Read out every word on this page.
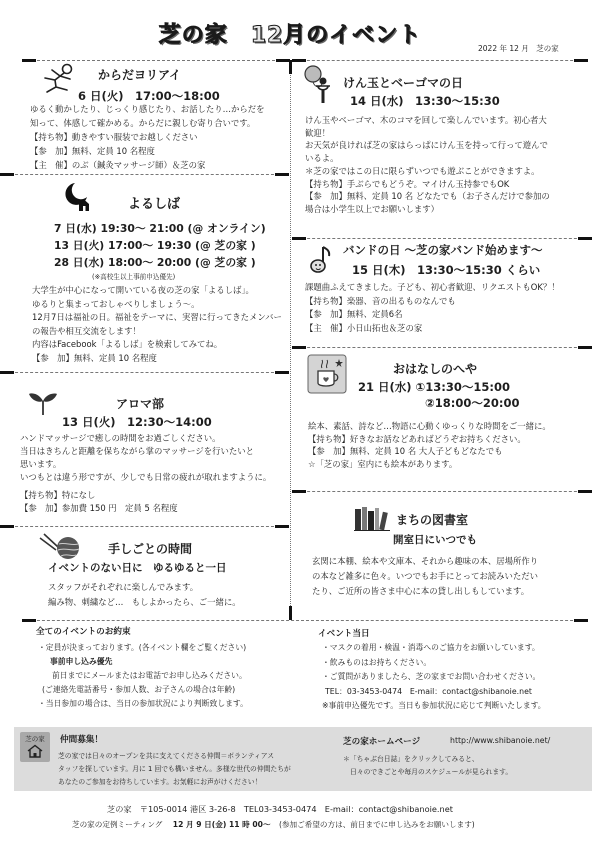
芝の家　12月のイベント
2022 年 12 月　芝の家
からだヨリアイ
6 日(火)　17:00〜18:00
ゆるく動かしたり、じっくり感じたり、お話したり…からだを
知って、体感して確かめる。からだに親しむ寄り合いです。
【持ち物】動きやすい服装でお越しください
【参　加】無料、定員 10 名程度
【主　催】のぶ（鍼灸マッサージ師）＆芝の家
よるしば
7 日(水) 19:30〜 21:00 (@ オンライン)
13 日(火) 17:00〜 19:30 (@ 芝の家 )
28 日(水) 18:00〜 20:00 (@ 芝の家 )
(※高校生以上事前申込優先)
大学生が中心になって開いている夜の芝の家「よるしば」。
ゆるりと集まっておしゃべりしましょう〜。
12月7日は福祉の日。福祉をテーマに、実習に行ってきたメンバー
の報告や相互交流をします！
内容はFacebook「よるしば」を検索してみてね。
【参　加】無料、定員 10 名程度
アロマ部
13 日(火)　12:30〜14:00
ハンドマッサージで癒しの時間をお過ごしください。
当日はきちんと距離を保ちながら掌のマッサージを行いたいと
思います。
いつもとは違う形ですが、少しでも日常の疲れが取れますように。
【持ち物】特になし
【参　加】参加費 150 円　定員 5 名程度
手しごとの時間
イベントのない日に　ゆるゆると一日
スタッフがそれぞれに楽しんでみます。
編み物、刺繍など…　もしよかったら、ご一緒に。
けん玉とベーゴマの日
14 日(水)　13:30〜15:30
けん玉やベーゴマ、木のコマを回して楽しんでいます。初心者大
歓迎！
お天気が良ければ芝の家はらっぱにけん玉を持って行って遊んで
いるよ。
＊芝の家ではこの日に限らずいつでも遊ぶことができますよ。
【持ち物】手ぶらでもどうぞ。マイけん玉持参でもOK
【参　加】無料、定員 10 名 どなたでも（お子さんだけで参加の
場合は小学生以上でお願いします）
バンドの日 〜芝の家バンド始めます〜
15 日(木)　13:30〜15:30 くらい
課題曲ふえてきました。子ども、初心者歓迎、リクエストもOK？！
【持ち物】楽器、音の出るものなんでも
【参　加】無料、定員6名
【主　催】小日山拓也＆芝の家
おはなしのへや
21 日(水) ①13:30〜15:00
②18:00〜20:00
絵本、素話、詩など…物語に心動くゆっくりな時間をご一緒に。
【持ち物】好きなお話などあればどうぞお持ちください。
【参　加】無料、定員 10 名 大人子どもどなたでも
☆「芝の家」室内にも絵本があります。
まちの図書室
開室日にいつでも
玄関に本棚、絵本や文庫本、それから趣味の本、居場所作り
の本など雑多に色々。いつでもお手にとってお読みいただい
たり、ご近所の皆さま中心に本の貸し出しもしています。
全てのイベントのお約束
・定員が決まっております。(各イベント欄をご覧ください)
事前申し込み優先
前日までにメールまたはお電話でお申し込みください。
(ご連絡先電話番号・参加人数、お子さんの場合は年齢)
・当日参加の場合は、当日の参加状況により判断致します。
イベント当日
・マスクの着用・検温・消毒へのご協力をお願いしています。
・飲みものはお持ちください。
・ご質問がありましたら、芝の家までお問い合わせください。
TEL：03-3453-0474　E-mail：contact@shibanoie.net
※事前申込優先です。当日も参加状況に応じて判断いたします。
芝の家 仲間募集！
芝の家では日々のオープンを共に支えてくださる仲間＝ボランティアス
タッフを探しています。月に 1 回でも構いません。多様な世代の仲間たちが
あなたのご参加をお待ちしています。お気軽にお声がけください！
芝の家ホームページ	http://www.shibanoie.net/
＊「ちゃぶ台日誌」をクリックしてみると、
日々のできごとや毎月のスケジュールが見られます。
芝の家　〒105-0014 港区 3-26-8　TEL03-3453-0474　E-mail：contact@shibanoie.net
芝の家の定例ミーティング 12 月 9 日(金) 11 時 00〜 (参加ご希望の方は、前日までに申し込みをお願いします)
